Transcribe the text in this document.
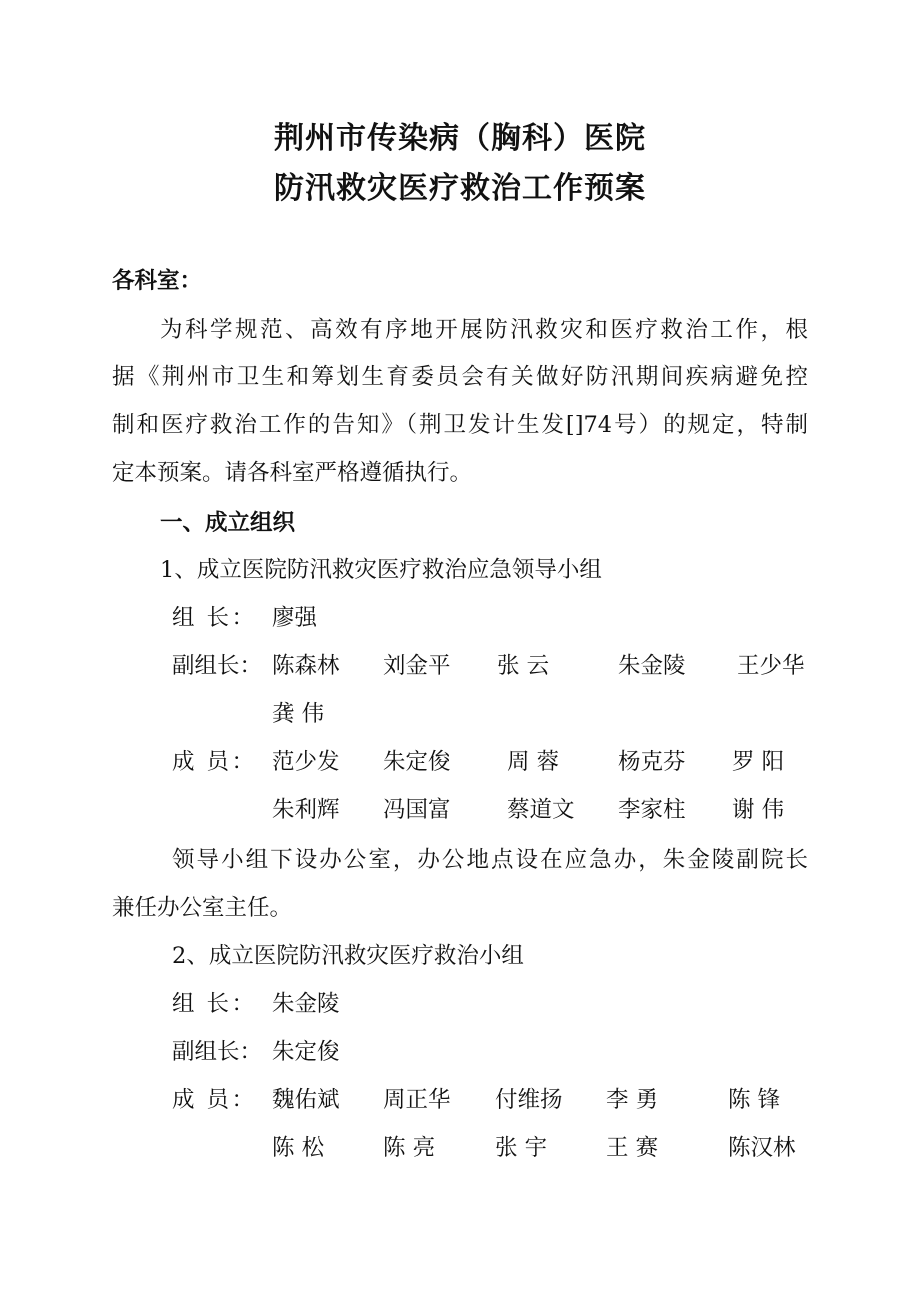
荆州市传染病（胸科）医院
防汛救灾医疗救治工作预案
各科室：
为科学规范、高效有序地开展防汛救灾和医疗救治工作，根
据《荆州市卫生和筹划生育委员会有关做好防汛期间疾病避免控
制和医疗救治工作的告知》（荆卫发计生发[]74号）的规定，特制
定本预案。请各科室严格遵循执行。
一、成立组织
1、成立医院防汛救灾医疗救治应急领导小组
组 长： 廖强
副组长： 陈森林 刘金平 张 云	朱金陵 王少华
龚 伟
成 员： 范少发 朱定俊	周 蓉	杨克芬 罗 阳
朱利辉 冯国富	蔡道文 李家柱 谢 伟
领导小组下设办公室，办公地点设在应急办，朱金陵副院长
兼任办公室主任。
2、成立医院防汛救灾医疗救治小组
组 长： 朱金陵
副组长： 朱定俊
成 员： 魏佑斌 周正华 付维扬 李 勇	陈 锋
陈 松	陈 亮	张 宇	王 赛	陈汉林
